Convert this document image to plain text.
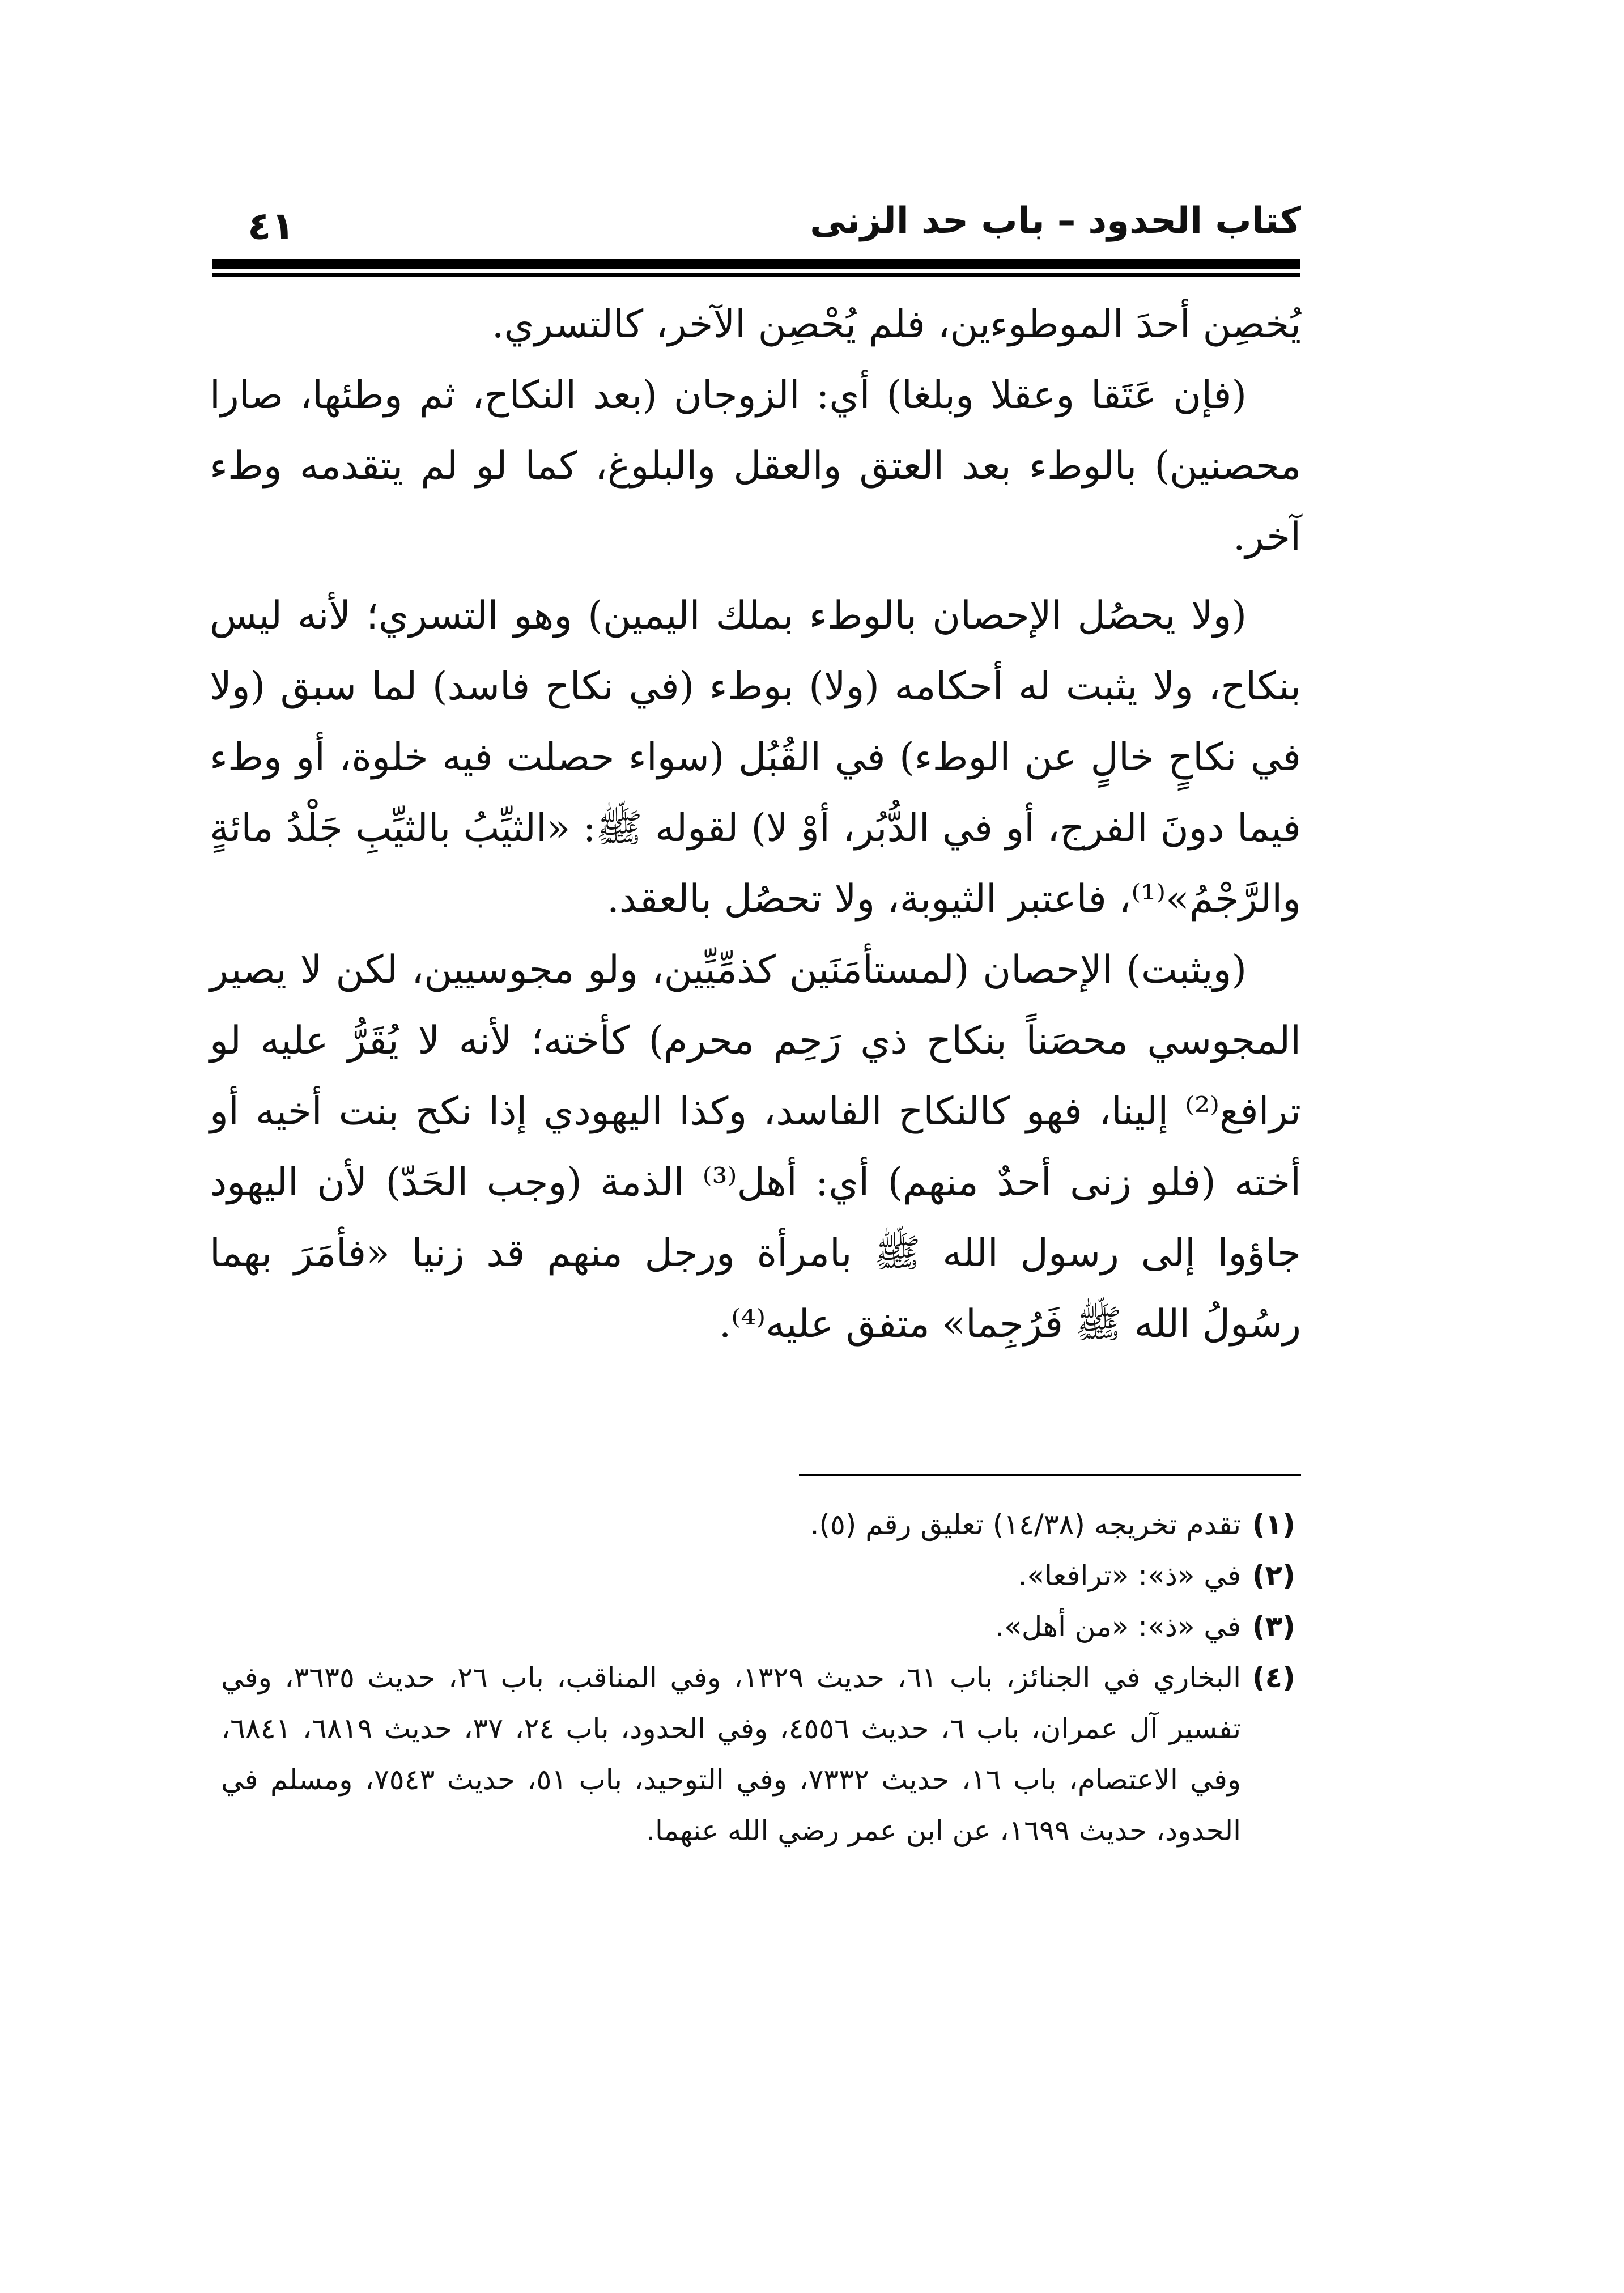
كتاب الحدود – باب حد الزنى
٤١

يُخصِن أحدَ الموطوءين، فلم يُحْصِن الآخر، كالتسري.

(فإن عَتَقا وعقلا وبلغا) أي: الزوجان (بعد النكاح، ثم وطئها، صارا محصنين) بالوطء بعد العتق والعقل والبلوغ، كما لو لم يتقدمه وطء آخر.

(ولا يحصُل الإحصان بالوطء بملك اليمين) وهو التسري؛ لأنه ليس بنكاح، ولا يثبت له أحكامه (ولا) بوطء (في نكاح فاسد) لما سبق (ولا في نكاحٍ خالٍ عن الوطء) في القُبُل (سواء حصلت فيه خلوة، أو وطء فيما دونَ الفرج، أو في الدُّبُر، أوْ لا) لقوله ﷺ: «الثيِّبُ بالثيِّبِ جَلْدُ مائةٍ والرَّجْمُ»⁽¹⁾، فاعتبر الثيوبة، ولا تحصُل بالعقد.

(ويثبت) الإحصان (لمستأمَنَين كذمِّيِّين، ولو مجوسيين، لكن لا يصير المجوسي محصَناً بنكاح ذي رَحِم محرم) كأخته؛ لأنه لا يُقَرُّ عليه لو ترافع⁽²⁾ إلينا، فهو كالنكاح الفاسد، وكذا اليهودي إذا نكح بنت أخيه أو أخته (فلو زنى أحدٌ منهم) أي: أهل⁽³⁾ الذمة (وجب الحَدّ) لأن اليهود جاؤوا إلى رسول الله ﷺ بامرأة ورجل منهم قد زنيا «فأمَرَ بهما رسُولُ الله ﷺ فَرُجِما» متفق عليه⁽⁴⁾.

(١)
تقدم تخريجه (١٤/٣٨) تعليق رقم (٥).
(٢)
في «ذ»: «ترافعا».
(٣)
في «ذ»: «من أهل».
(٤)
البخاري في الجنائز، باب ٦١، حديث ١٣٢٩، وفي المناقب، باب ٢٦، حديث ٣٦٣٥، وفي تفسير آل عمران، باب ٦، حديث ٤٥٥٦، وفي الحدود، باب ٢٤، ٣٧، حديث ٦٨١٩، ٦٨٤١، وفي الاعتصام، باب ١٦، حديث ٧٣٣٢، وفي التوحيد، باب ٥١، حديث ٧٥٤٣، ومسلم في الحدود، حديث ١٦٩٩، عن ابن عمر رضي الله عنهما.
